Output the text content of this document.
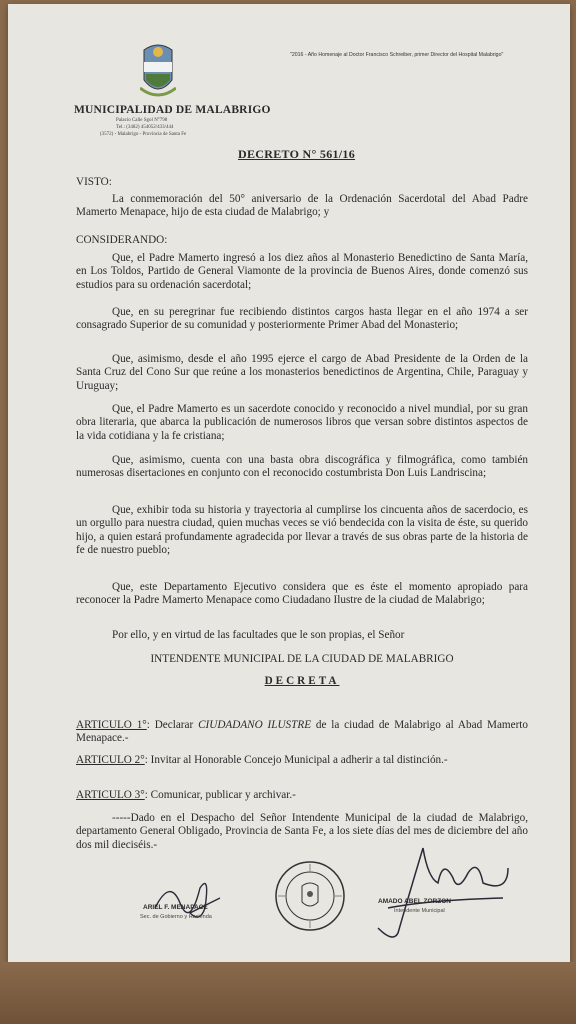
MUNICIPALIDAD DE MALABRIGO
Palacio Calle Sgol N°798
Tel.: (3482) 454052/433/444
(3572) - Malabrigo - Provincia de Santa Fe
"2016 - Año Homenaje al Doctor Francisco Schreiber, primer Director del Hospital Malabrigo"
DECRETO N° 561/16
VISTO:
La conmemoración del 50° aniversario de la Ordenación Sacerdotal del Abad Padre Mamerto Menapace, hijo de esta ciudad de Malabrigo; y
CONSIDERANDO:
Que, el Padre Mamerto ingresó a los diez años al Monasterio Benedictino de Santa María, en Los Toldos, Partido de General Viamonte de la provincia de Buenos Aires, donde comenzó sus estudios para su ordenación sacerdotal;
Que, en su peregrinar fue recibiendo distintos cargos hasta llegar en el año 1974 a ser consagrado Superior de su comunidad y posteriormente Primer Abad del Monasterio;
Que, asimismo, desde el año 1995 ejerce el cargo de Abad Presidente de la Orden de la Santa Cruz del Cono Sur que reúne a los monasterios benedictinos de Argentina, Chile, Paraguay y Uruguay;
Que, el Padre Mamerto es un sacerdote conocido y reconocido a nivel mundial, por su gran obra literaria, que abarca la publicación de numerosos libros que versan sobre distintos aspectos de la vida cotidiana y la fe cristiana;
Que, asimismo, cuenta con una basta obra discográfica y filmográfica, como también numerosas disertaciones en conjunto con el reconocido costumbrista Don Luis Landriscina;
Que, exhibir toda su historia y trayectoria al cumplirse los cincuenta años de sacerdocio, es un orgullo para nuestra ciudad, quien muchas veces se vió bendecida con la visita de éste, su querido hijo, a quien estará profundamente agradecida por llevar a través de sus obras parte de la historia de fe de nuestro pueblo;
Que, este Departamento Ejecutivo considera que es éste el momento apropiado para reconocer la Padre Mamerto Menapace como Ciudadano Ilustre de la ciudad de Malabrigo;
Por ello, y en virtud de las facultades que le son propias, el Señor
INTENDENTE MUNICIPAL DE LA CIUDAD DE MALABRIGO
DECRETA
ARTICULO 1°: Declarar CIUDADANO ILUSTRE de la ciudad de Malabrigo al Abad Mamerto Menapace.-
ARTICULO 2°: Invitar al Honorable Concejo Municipal a adherir a tal distinción.-
ARTICULO 3°: Comunicar, publicar y archivar.-
-----Dado en el Despacho del Señor Intendente Municipal de la ciudad de Malabrigo, departamento General Obligado, Provincia de Santa Fe, a los siete días del mes de diciembre del año dos mil dieciséis.-
ARIEL F. MENAPACE
Sec. de Gobierno y Hacienda
AMADO ABEL ZORZON
Intendente Municipal
